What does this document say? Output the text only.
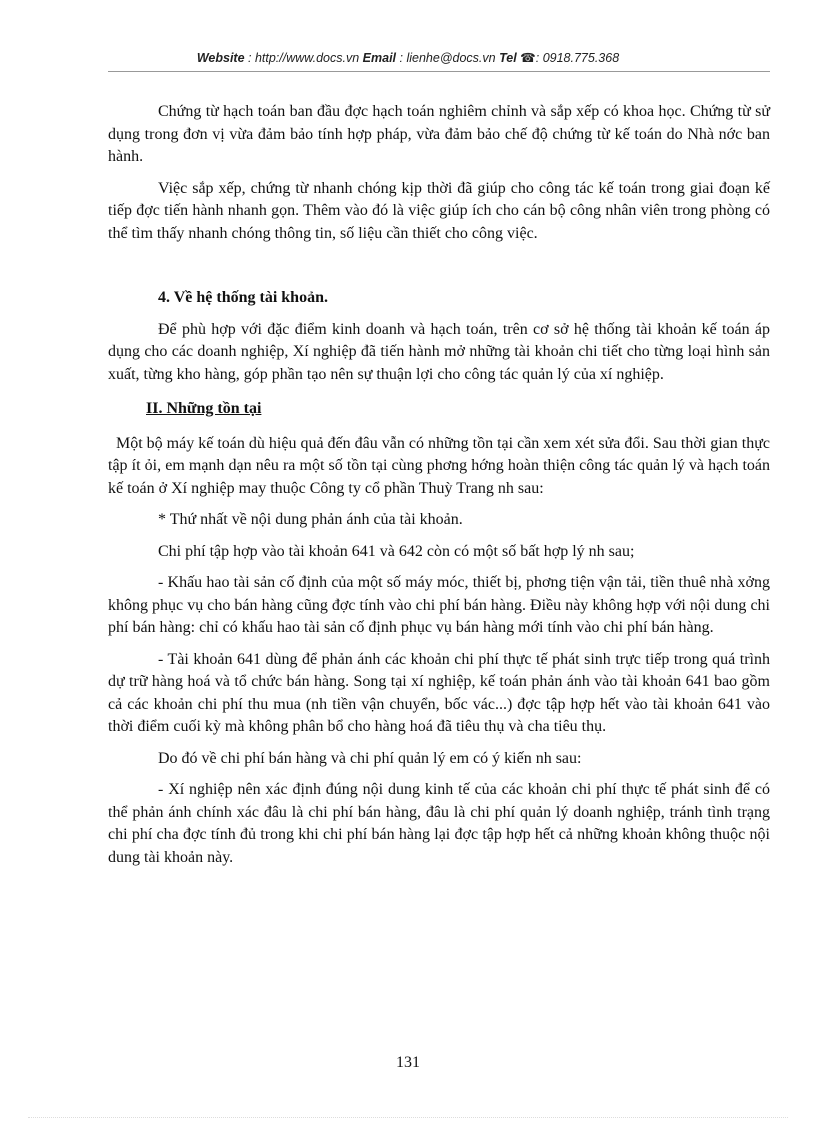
Website : http://www.docs.vn Email : lienhe@docs.vn Tel ☎: 0918.775.368

Chứng từ hạch toán ban đầu đợc hạch toán nghiêm chỉnh và sắp xếp có khoa học. Chứng từ sử dụng trong đơn vị vừa đảm bảo tính hợp pháp, vừa đảm bảo chế độ chứng từ kế toán do Nhà nớc ban hành.

Việc sắp xếp, chứng từ nhanh chóng kịp thời đã giúp cho công tác kế toán trong giai đoạn kế tiếp đợc tiến hành nhanh gọn. Thêm vào đó là việc giúp ích cho cán bộ công nhân viên trong phòng có thể tìm thấy nhanh chóng thông tin, số liệu cần thiết cho công việc.

4. Về hệ thống tài khoản.

Để phù hợp với đặc điểm kinh doanh và hạch toán, trên cơ sở hệ thống tài khoản kế toán áp dụng cho các doanh nghiệp, Xí nghiệp đã tiến hành mở những tài khoản chi tiết cho từng loại hình sản xuất, từng kho hàng, góp phần tạo nên sự thuận lợi cho công tác quản lý của xí nghiệp.

II. Những tồn tại

Một bộ máy kế toán dù hiệu quả đến đâu vẫn có những tồn tại cần xem xét sửa đổi. Sau thời gian thực tập ít ỏi, em mạnh dạn nêu ra một số tồn tại cùng phơng hớng hoàn thiện công tác quản lý và hạch toán kế toán ở Xí nghiệp may thuộc Công ty cổ phần Thuỳ Trang nh sau:

* Thứ nhất về nội dung phản ánh của tài khoản.

Chi phí tập hợp vào tài khoản 641 và 642 còn có một số bất hợp lý nh sau;

- Khấu hao tài sản cố định của một số máy móc, thiết bị, phơng tiện vận tải, tiền thuê nhà xởng không phục vụ cho bán hàng cũng đợc tính vào chi phí bán hàng. Điều này không hợp với nội dung chi phí bán hàng: chỉ có khấu hao tài sản cố định phục vụ bán hàng mới tính vào chi phí bán hàng.

- Tài khoản 641 dùng để phản ánh các khoản chi phí thực tế phát sinh trực tiếp trong quá trình dự trữ hàng hoá và tổ chức bán hàng. Song tại xí nghiệp, kế toán phản ánh vào tài khoản 641 bao gồm cả các khoản chi phí thu mua (nh tiền vận chuyển, bốc vác...) đợc tập hợp hết vào tài khoản 641 vào thời điểm cuối kỳ mà không phân bổ cho hàng hoá đã tiêu thụ và cha tiêu thụ.

Do đó về chi phí bán hàng và chi phí quản lý em có ý kiến nh sau:

- Xí nghiệp nên xác định đúng nội dung kinh tế của các khoản chi phí thực tế phát sinh để có thể phản ánh chính xác đâu là chi phí bán hàng, đâu là chi phí quản lý doanh nghiệp, tránh tình trạng chi phí cha đợc tính đủ trong khi chi phí bán hàng lại đợc tập hợp hết cả những khoản không thuộc nội dung tài khoản này.

131
